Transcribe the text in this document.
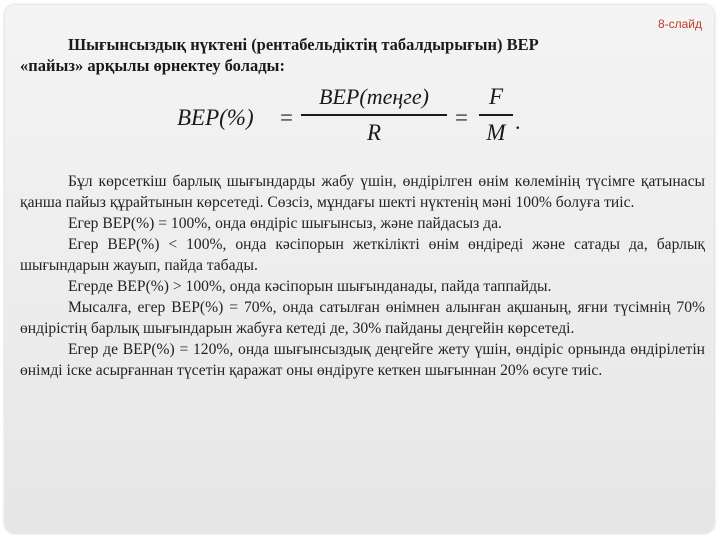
8-слайд
Шығынсыздық нүктені (рентабельдіктің табалдырығын) BEP
«пайыз» арқылы өрнектеу болады:
BEP(%) =
BEP(теңге)
R
=
F
M .

Бұл көрсеткіш барлық шығындарды жабу үшін, өндірілген өнім көлемінің түсімге қатынасы қанша пайыз құрайтынын көрсетеді. Сөзсіз, мұндағы шекті нүктенің мәні 100% болуға тиіс.

Егер BEP(%) = 100%, онда өндіріс шығынсыз, және пайдасыз да.

Егер BEP(%) < 100%, онда кәсіпорын жеткілікті өнім өндіреді және сатады да, барлық шығындарын жауып, пайда табады.

Егерде BEP(%) > 100%, онда кәсіпорын шығынданады, пайда таппайды.

Мысалға, егер BEP(%) = 70%, онда сатылған өнімнен алынған ақшаның, яғни түсімнің 70% өндірістің барлық шығындарын жабуға кетеді де, 30% пайданы деңгейін көрсетеді.

Егер де BEP(%) = 120%, онда шығынсыздық деңгейге жету үшін, өндіріс орнында өндірілетін өнімді іске асырғаннан түсетін қаражат оны өндіруге кеткен шығыннан 20% өсуге тиіс.
